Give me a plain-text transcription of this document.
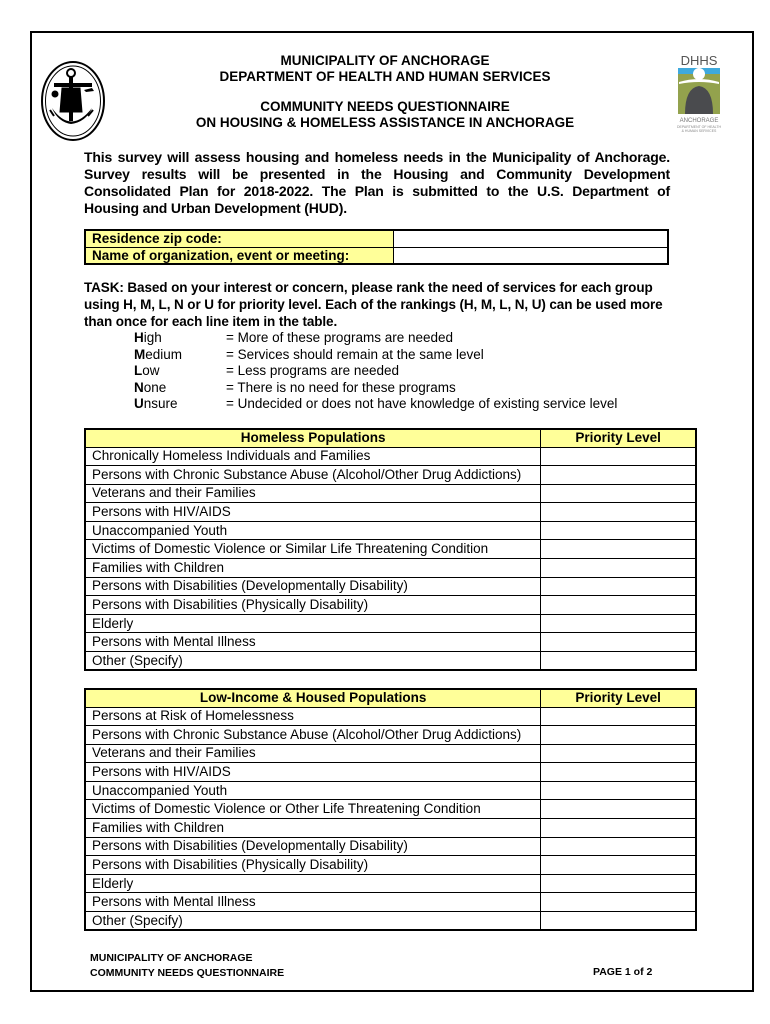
DHHS
ANCHORAGE
DEPARTMENT OF HEALTH
& HUMAN SERVICES
MUNICIPALITY OF ANCHORAGE
DEPARTMENT OF HEALTH AND HUMAN SERVICES
COMMUNITY NEEDS QUESTIONNAIRE
ON HOUSING & HOMELESS ASSISTANCE IN ANCHORAGE
This survey will assess housing and homeless needs in the Municipality of Anchorage. Survey results will be presented in the Housing and Community Development Consolidated Plan for 2018-2022. The Plan is submitted to the U.S. Department of Housing and Urban Development (HUD).
Residence zip code:	
Name of organization, event or meeting:	
TASK: Based on your interest or concern, please rank the need of services for each group using H, M, L, N or U for priority level. Each of the rankings (H, M, L, N, U) can be used more than once for each line item in the table.
High	= More of these programs are needed
Medium	= Services should remain at the same level
Low	= Less programs are needed
None	= There is no need for these programs
Unsure	= Undecided or does not have knowledge of existing service level
Homeless Populations	Priority Level
Chronically Homeless Individuals and Families	
Persons with Chronic Substance Abuse (Alcohol/Other Drug Addictions)	
Veterans and their Families	
Persons with HIV/AIDS	
Unaccompanied Youth	
Victims of Domestic Violence or Similar Life Threatening Condition	
Families with Children	
Persons with Disabilities (Developmentally Disability)	
Persons with Disabilities (Physically Disability)	
Elderly	
Persons with Mental Illness	
Other (Specify)	
Low-Income & Housed Populations	Priority Level
Persons at Risk of Homelessness	
Persons with Chronic Substance Abuse (Alcohol/Other Drug Addictions)	
Veterans and their Families	
Persons with HIV/AIDS	
Unaccompanied Youth	
Victims of Domestic Violence or Other Life Threatening Condition	
Families with Children	
Persons with Disabilities (Developmentally Disability)	
Persons with Disabilities (Physically Disability)	
Elderly	
Persons with Mental Illness	
Other (Specify)	
MUNICIPALITY OF ANCHORAGE
COMMUNITY NEEDS QUESTIONNAIRE	PAGE 1 of 2
